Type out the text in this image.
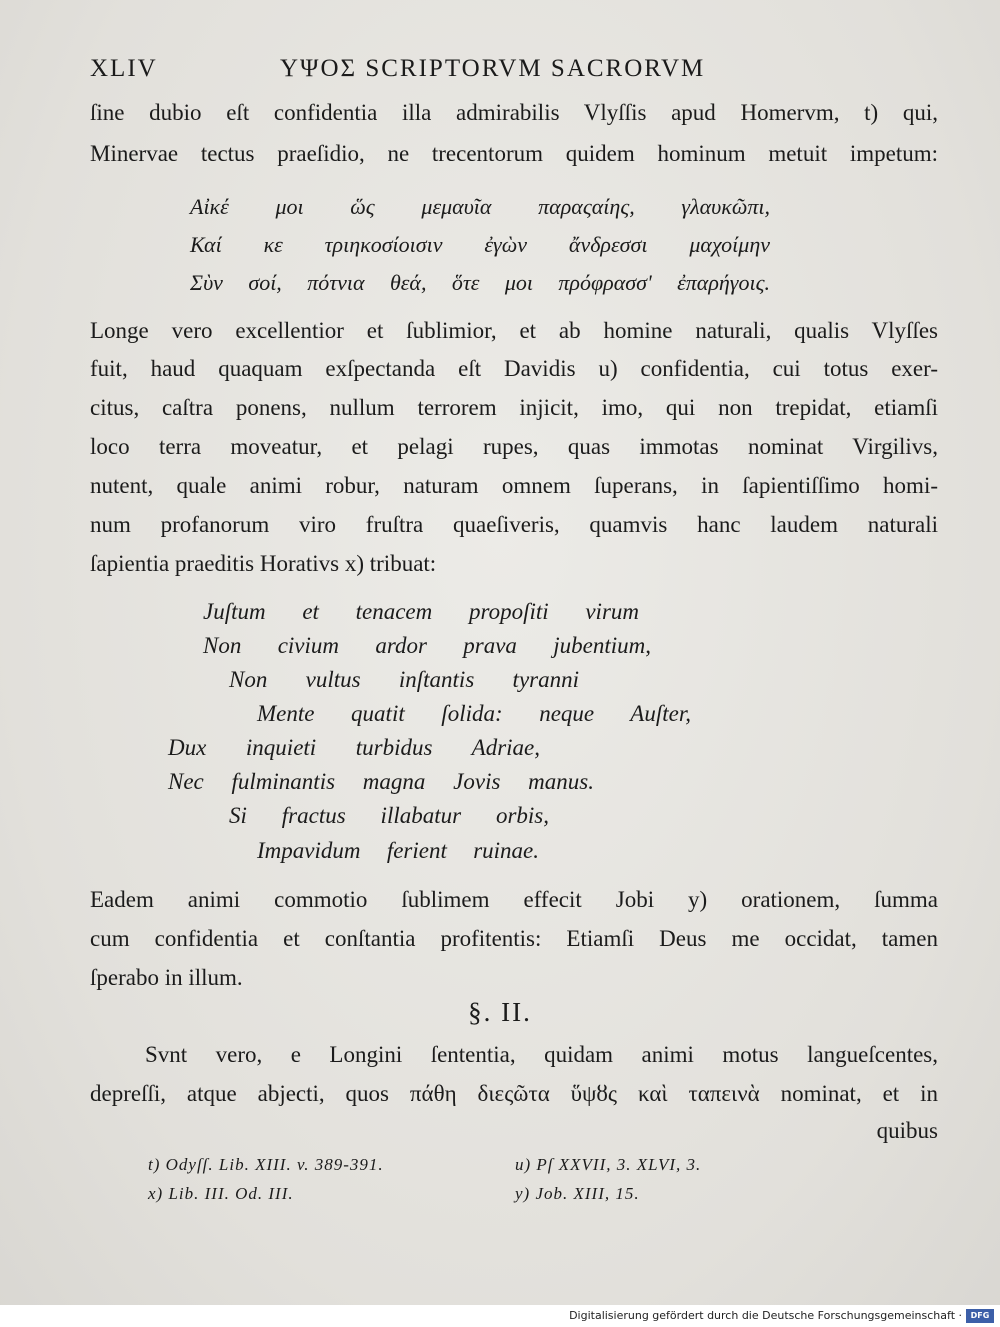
XLIV	ΥΨΟΣ SCRIPTORVM SACRORVM
ſine dubio eſt confidentia illa admirabilis Vlyſſis apud Homervm, t) qui,
Minervae tectus praeſidio, ne trecentorum quidem hominum metuit impetum:
Αἰκέ μοι ὥς μεμαυῖα παραςαίης, γλαυκῶπι,
Καί κε τριηκοσίοισιν ἐγὼν ἄνδρεσσι μαχοίμην
Σὺν σοί, πότνια θεά, ὅτε μοι πρόφρασσ' ἐπαρήγοις.
Longe vero excellentior et ſublimior, et ab homine naturali, qualis Vlyſſes
fuit, haud quaquam exſpectanda eſt Davidis u) confidentia, cui totus exer-
citus, caſtra ponens, nullum terrorem injicit, imo, qui non trepidat, etiamſi
loco terra moveatur, et pelagi rupes, quas immotas nominat Virgilivs,
nutent, quale animi robur, naturam omnem ſuperans, in ſapientiſſimo homi-
num profanorum viro fruſtra quaeſiveris, quamvis hanc laudem naturali
ſapientia praeditis Horativs x) tribuat:
Juſtum et tenacem propoſiti virum
Non civium ardor prava jubentium,
Non vultus inſtantis tyranni
Mente quatit ſolida: neque Auſter,
Dux inquieti turbidus Adriae,
Nec fulminantis magna Jovis manus.
Si fractus illabatur orbis,
Impavidum ferient ruinae.
Eadem animi commotio ſublimem effecit Jobi y) orationem, ſumma
cum confidentia et conſtantia profitentis: Etiamſi Deus me occidat, tamen
ſperabo in illum.
§. II.
Svnt vero, e Longini ſententia, quidam animi motus langueſcentes,
depreſſi, atque abjecti, quos πάθη διεςῶτα ὕψȣς καὶ ταπεινὰ nominat, et in
quibus
t) Odyſſ. Lib. XIII. v. 389-391.	u) Pſ XXVII, 3. XLVI, 3.
x) Lib. III. Od. III.	y) Job. XIII, 15.
Digitalisierung gefördert durch die Deutsche Forschungsgemeinschaft ·	DFG
